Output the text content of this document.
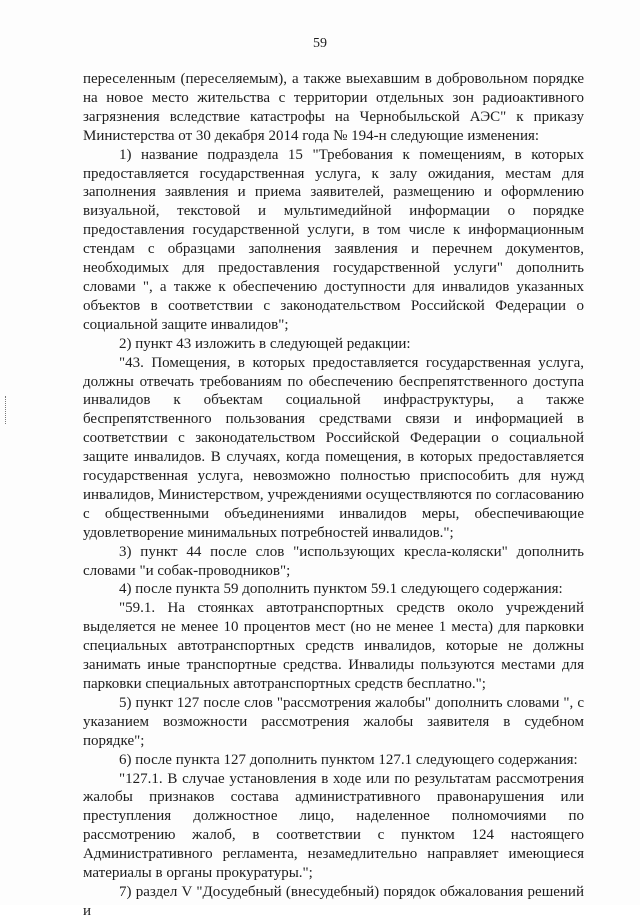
59

переселенным (переселяемым), а также выехавшим в добровольном порядке на новое место жительства с территории отдельных зон радиоактивного загрязнения вследствие катастрофы на Чернобыльской АЭС" к приказу Министерства от 30 декабря 2014 года № 194-н следующие изменения:

1) название подраздела 15 "Требования к помещениям, в которых предоставляется государственная услуга, к залу ожидания, местам для заполнения заявления и приема заявителей, размещению и оформлению визуальной, текстовой и мультимедийной информации о порядке предоставления государственной услуги, в том числе к информационным стендам с образцами заполнения заявления и перечнем документов, необходимых для предоставления государственной услуги" дополнить словами ", а также к обеспечению доступности для инвалидов указанных объектов в соответствии с законодательством Российской Федерации о социальной защите инвалидов";

2) пункт 43 изложить в следующей редакции:

"43. Помещения, в которых предоставляется государственная услуга, должны отвечать требованиям по обеспечению беспрепятственного доступа инвалидов к объектам социальной инфраструктуры, а также беспрепятственного пользования средствами связи и информацией в соответствии с законодательством Российской Федерации о социальной защите инвалидов. В случаях, когда помещения, в которых предоставляется государственная услуга, невозможно полностью приспособить для нужд инвалидов, Министерством, учреждениями осуществляются по согласованию с общественными объединениями инвалидов меры, обеспечивающие удовлетворение минимальных потребностей инвалидов.";

3) пункт 44 после слов "использующих кресла-коляски" дополнить словами "и собак-проводников";

4) после пункта 59 дополнить пунктом 59.1 следующего содержания:

"59.1. На стоянках автотранспортных средств около учреждений выделяется не менее 10 процентов мест (но не менее 1 места) для парковки специальных автотранспортных средств инвалидов, которые не должны занимать иные транспортные средства. Инвалиды пользуются местами для парковки специальных автотранспортных средств бесплатно.";

5) пункт 127 после слов "рассмотрения жалобы" дополнить словами ", с указанием возможности рассмотрения жалобы заявителя в судебном порядке";

6) после пункта 127 дополнить пунктом 127.1 следующего содержания:

"127.1. В случае установления в ходе или по результатам рассмотрения жалобы признаков состава административного правонарушения или преступления должностное лицо, наделенное полномочиями по рассмотрению жалоб, в соответствии с пунктом 124 настоящего Административного регламента, незамедлительно направляет имеющиеся материалы в органы прокуратуры.";

7) раздел V "Досудебный (внесудебный) порядок обжалования решений и
